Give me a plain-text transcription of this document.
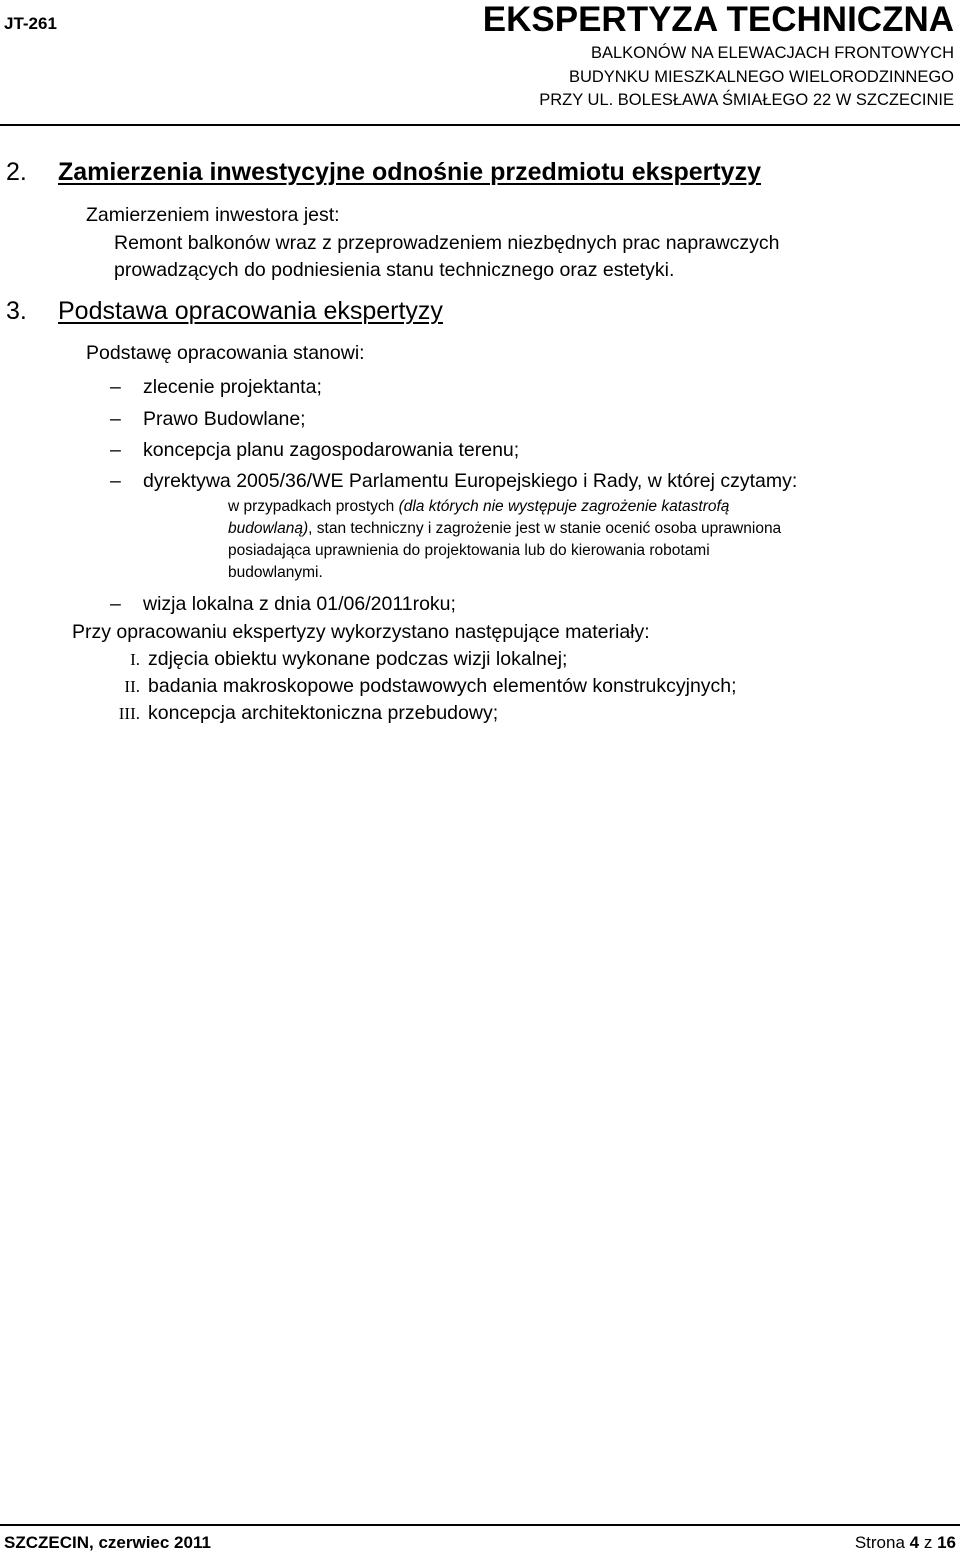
JT-261	EKSPERTYZA TECHNICZNA
BALKONÓW NA ELEWACJACH FRONTOWYCH
BUDYNKU MIESZKALNEGO WIELORODZINNEGO
PRZY UL. BOLESŁAWA ŚMIAŁEGO 22 W SZCZECINIE
2. Zamierzenia inwestycyjne odnośnie przedmiotu ekspertyzy
Zamierzeniem inwestora jest:
Remont balkonów wraz z przeprowadzeniem niezbędnych prac naprawczych
prowadzących do podniesienia stanu technicznego oraz estetyki.
3. Podstawa opracowania ekspertyzy
Podstawę opracowania stanowi:
– zlecenie projektanta;
– Prawo Budowlane;
– koncepcja planu zagospodarowania terenu;
– dyrektywa 2005/36/WE Parlamentu Europejskiego i Rady, w której czytamy:
w przypadkach prostych (dla których nie występuje zagrożenie katastrofą
budowlaną), stan techniczny i zagrożenie jest w stanie ocenić osoba uprawniona
posiadająca uprawnienia do projektowania lub do kierowania robotami
budowlanymi.
– wizja lokalna z dnia 01/06/2011roku;
Przy opracowaniu ekspertyzy wykorzystano następujące materiały:
I. zdjęcia obiektu wykonane podczas wizji lokalnej;
II. badania makroskopowe podstawowych elementów konstrukcyjnych;
III. koncepcja architektoniczna przebudowy;
SZCZECIN, czerwiec 2011	Strona 4 z 16
